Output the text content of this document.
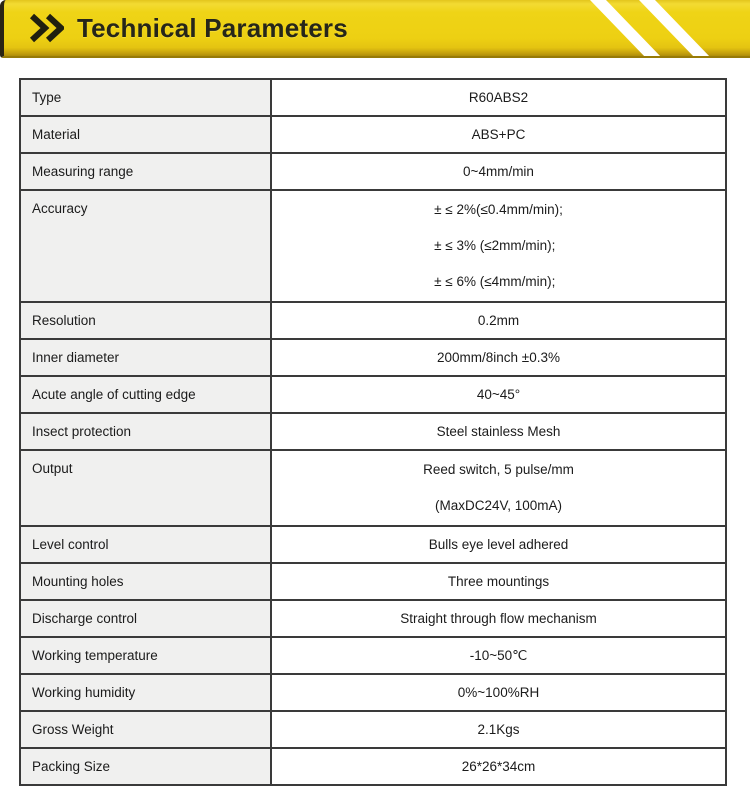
Technical Parameters
Type	R60ABS2
Material	ABS+PC
Measuring range	0~4mm/min
Accuracy	± ≤ 2%(≤0.4mm/min);
± ≤ 3% (≤2mm/min);
± ≤ 6% (≤4mm/min);

Resolution	0.2mm
Inner diameter	200mm/8inch ±0.3%
Acute angle of cutting edge	40~45°
Insect protection	Steel stainless Mesh
Output	Reed switch, 5 pulse/mm
(MaxDC24V, 100mA)

Level control	Bulls eye level adhered
Mounting holes	Three mountings
Discharge control	Straight through flow mechanism
Working temperature	-10~50℃
Working humidity	0%~100%RH
Gross Weight	2.1Kgs
Packing Size	26*26*34cm
